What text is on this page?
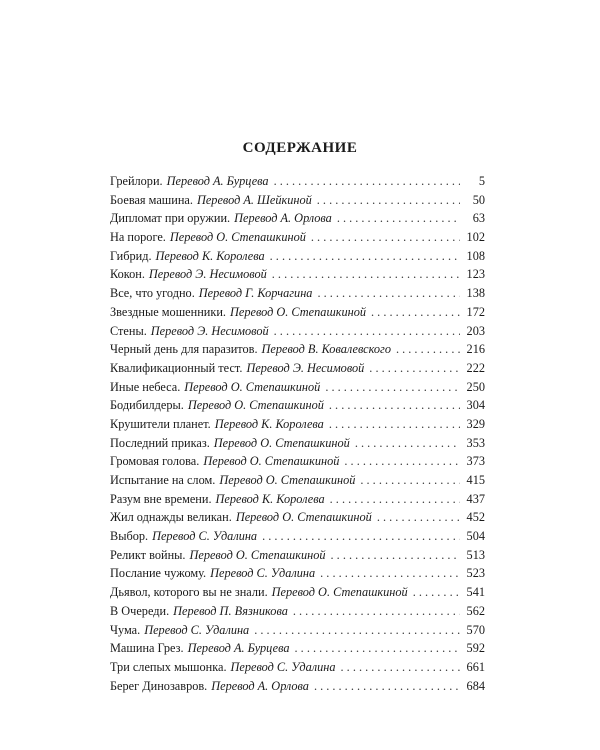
СОДЕРЖАНИЕ
Грейлори. Перевод А. Бурцева . . .	5
Боевая машина. Перевод А. Шейкиной . . .	50
Дипломат при оружии. Перевод А. Орлова . . .	63
На пороге. Перевод О. Степашкиной . . .	102
Гибрид. Перевод К. Королева . . .	108
Кокон. Перевод Э. Несимовой . . .	123
Все, что угодно. Перевод Г. Корчагина . . .	138
Звездные мошенники. Перевод О. Степашкиной . . .	172
Стены. Перевод Э. Несимовой . . .	203
Черный день для паразитов. Перевод В. Ковалевского . . .	216
Квалификационный тест. Перевод Э. Несимовой . . .	222
Иные небеса. Перевод О. Степашкиной . . .	250
Бодибилдеры. Перевод О. Степашкиной . . .	304
Крушители планет. Перевод К. Королева . . .	329
Последний приказ. Перевод О. Степашкиной . . .	353
Громовая голова. Перевод О. Степашкиной . . .	373
Испытание на слом. Перевод О. Степашкиной . . .	415
Разум вне времени. Перевод К. Королева . . .	437
Жил однажды великан. Перевод О. Степашкиной . . .	452
Выбор. Перевод С. Удалина . . .	504
Реликт войны. Перевод О. Степашкиной . . .	513
Послание чужому. Перевод С. Удалина . . .	523
Дьявол, которого вы не знали. Перевод О. Степашкиной . . .	541
В Очереди. Перевод П. Вязникова . . .	562
Чума. Перевод С. Удалина . . .	570
Машина Грез. Перевод А. Бурцева . . .	592
Три слепых мышонка. Перевод С. Удалина . . .	661
Берег Динозавров. Перевод А. Орлова . . .	684
